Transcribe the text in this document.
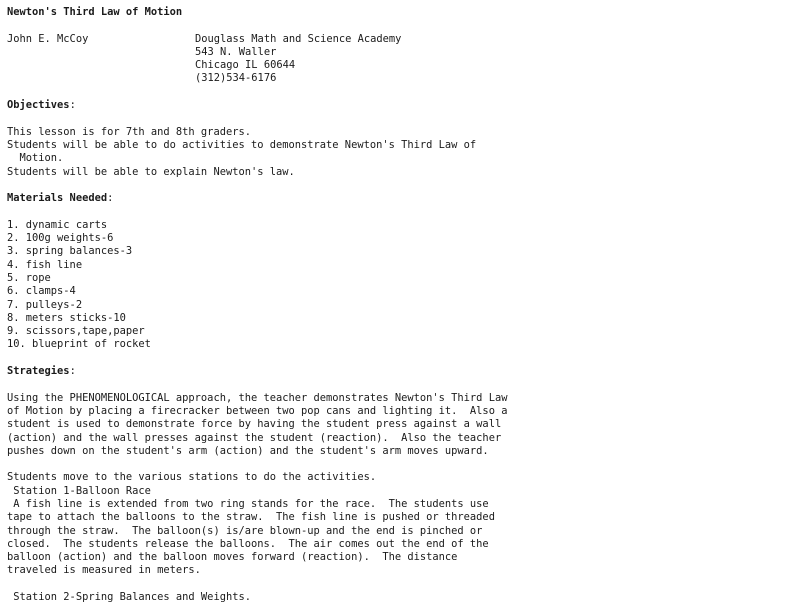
Newton's Third Law of Motion
John E. McCoy	Douglass Math and Science Academy
543 N. Waller
Chicago IL 60644
(312)534-6176
Objectives:
This lesson is for 7th and 8th graders.
Students will be able to do activities to demonstrate Newton's Third Law of
Motion.
Students will be able to explain Newton's law.
Materials Needed:
1. dynamic carts
2. 100g weights-6
3. spring balances-3
4. fish line
5. rope
6. clamps-4
7. pulleys-2
8. meters sticks-10
9. scissors,tape,paper
10. blueprint of rocket
Strategies:
Using the PHENOMENOLOGICAL approach, the teacher demonstrates Newton's Third Law
of Motion by placing a firecracker between two pop cans and lighting it.  Also a
student is used to demonstrate force by having the student press against a wall
(action) and the wall presses against the student (reaction).  Also the teacher
pushes down on the student's arm (action) and the student's arm moves upward.
Students move to the various stations to do the activities.
Station 1-Balloon Race
A fish line is extended from two ring stands for the race.  The students use
tape to attach the balloons to the straw.  The fish line is pushed or threaded
through the straw.  The balloon(s) is/are blown-up and the end is pinched or
closed.  The students release the balloons.  The air comes out the end of the
balloon (action) and the balloon moves forward (reaction).  The distance
traveled is measured in meters.
Station 2-Spring Balances and Weights.
